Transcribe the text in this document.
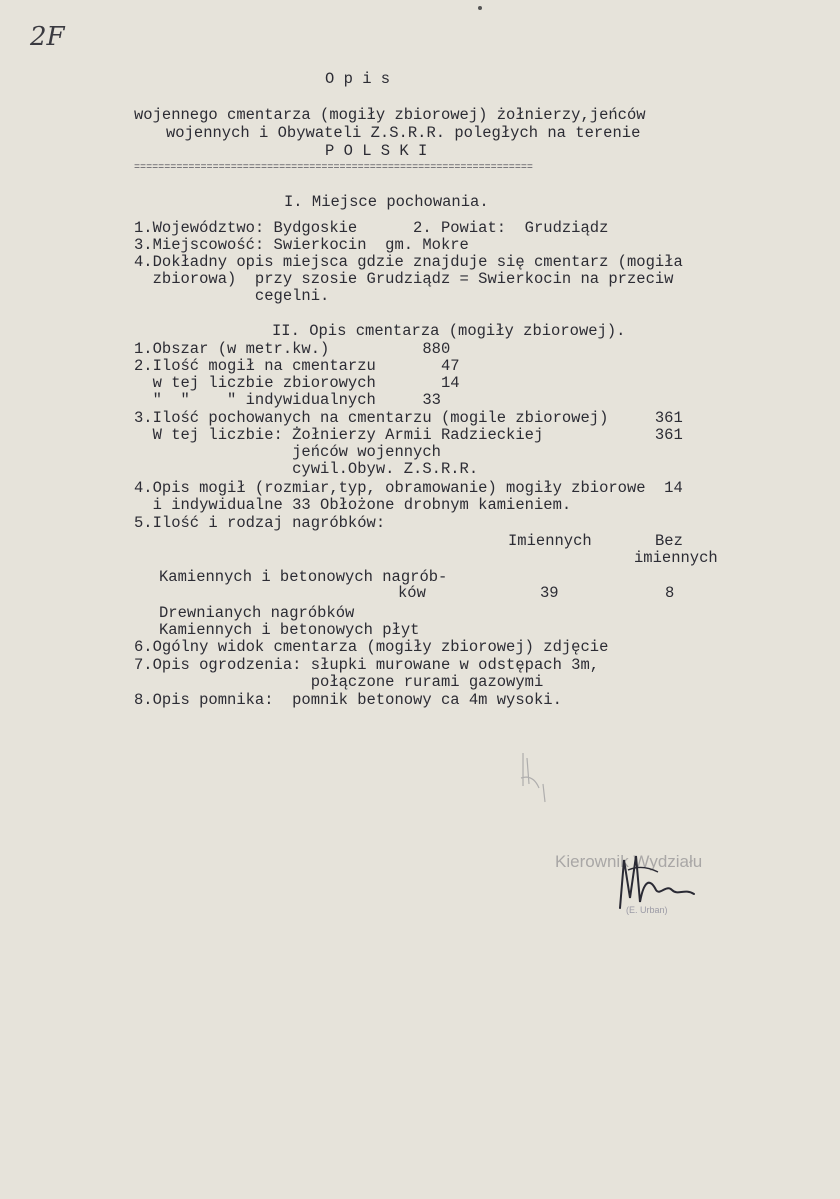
2F
O p i s
wojennego cmentarza (mogiły zbiorowej) żołnierzy,jeńców
wojennych i Obywateli Z.S.R.R. poległych na terenie
P O L S K I
==================================================================
I. Miejsce pochowania.
1.Województwo: Bydgoskie      2. Powiat:  Grudziądz
3.Miejscowość: Swierkocin  gm. Mokre
4.Dokładny opis miejsca gdzie znajduje się cmentarz (mogiła
zbiorowa)  przy szosie Grudziądz = Swierkocin na przeciw
cegelni.
II. Opis cmentarza (mogiły zbiorowej).
1.Obszar (w metr.kw.)          880
2.Ilość mogił na cmentarzu       47
w tej liczbie zbiorowych       14
"  "    " indywidualnych     33
3.Ilość pochowanych na cmentarzu (mogile zbiorowej)     361
W tej liczbie: Żołnierzy Armii Radzieckiej            361
jeńców wojennych
cywil.Obyw. Z.S.R.R.
4.Opis mogił (rozmiar,typ, obramowanie) mogiły zbiorowe  14
i indywidualne 33 Obłożone drobnym kamieniem.
5.Ilość i rodzaj nagróbków:
Imiennych	Bez
imiennych
Kamiennych i betonowych nagrób-
ków	39	8
Drewnianych nagróbków
Kamiennych i betonowych płyt
6.Ogólny widok cmentarza (mogiły zbiorowej) zdjęcie
7.Opis ogrodzenia: słupki murowane w odstępach 3m,
połączone rurami gazowymi
8.Opis pomnika:  pomnik betonowy ca 4m wysoki.
Kierownik Wydziału
(E. Urban)
